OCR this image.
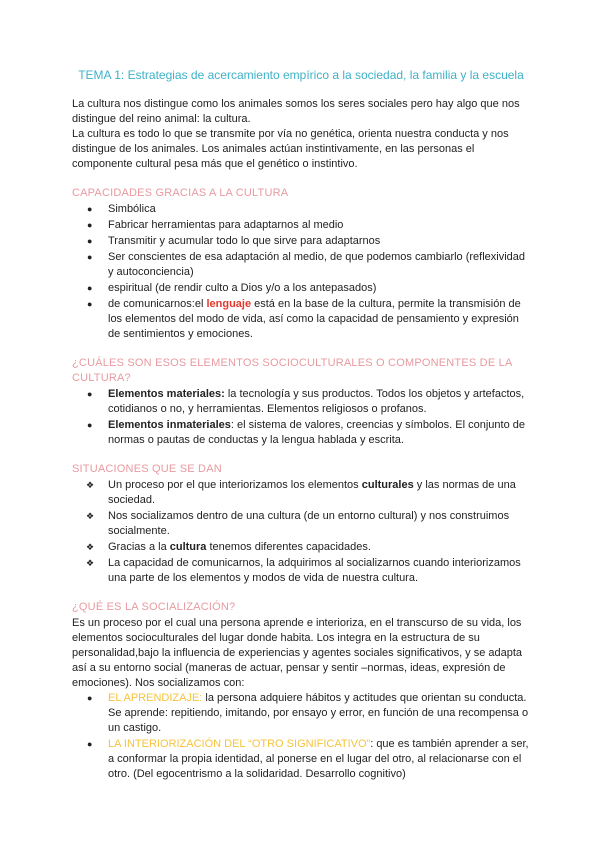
TEMA 1: Estrategias de acercamiento empírico a la sociedad, la familia y la escuela

La cultura nos distingue como los animales somos los seres sociales pero hay algo que nos distingue del reino animal: la cultura.

La cultura es todo lo que se transmite por vía no genética, orienta nuestra conducta y nos distingue de los animales. Los animales actúan instintivamente, en las personas el componente cultural pesa más que el genético o instintivo.

CAPACIDADES GRACIAS A LA CULTURA
● Simbólica
● Fabricar herramientas para adaptarnos al medio
● Transmitir y acumular todo lo que sirve para adaptarnos
● Ser conscientes de esa adaptación al medio, de que podemos cambiarlo (reflexividad y autoconciencia)
● espiritual (de rendir culto a Dios y/o a los antepasados)
● de comunicarnos:el lenguaje está en la base de la cultura, permite la transmisión de los elementos del modo de vida, así como la capacidad de pensamiento y expresión de sentimientos y emociones.
¿CUÁLES SON ESOS ELEMENTOS SOCIOCULTURALES O COMPONENTES DE LA CULTURA?
● Elementos materiales: la tecnología y sus productos. Todos los objetos y artefactos, cotidianos o no, y herramientas. Elementos religiosos o profanos.
● Elementos inmateriales: el sistema de valores, creencias y símbolos. El conjunto de normas o pautas de conductas y la lengua hablada y escrita.
SITUACIONES QUE SE DAN
❖ Un proceso por el que interiorizamos los elementos culturales y las normas de una sociedad.
❖ Nos socializamos dentro de una cultura (de un entorno cultural) y nos construimos socialmente.
❖ Gracias a la cultura tenemos diferentes capacidades.
❖ La capacidad de comunicarnos, la adquirimos al socializarnos cuando interiorizamos una parte de los elementos y modos de vida de nuestra cultura.
¿QUÉ ES LA SOCIALIZACIÓN?

Es un proceso por el cual una persona aprende e interioriza, en el transcurso de su vida, los elementos socioculturales del lugar donde habita. Los integra en la estructura de su personalidad,bajo la influencia de experiencias y agentes sociales significativos, y se adapta así a su entorno social (maneras de actuar, pensar y sentir –normas, ideas, expresión de emociones). Nos socializamos con:

● EL APRENDIZAJE: la persona adquiere hábitos y actitudes que orientan su conducta. Se aprende: repitiendo, imitando, por ensayo y error, en función de una recompensa o un castigo.
● LA INTERIORIZACIÓN DEL “OTRO SIGNIFICATIVO”: que es también aprender a ser, a conformar la propia identidad, al ponerse en el lugar del otro, al relacionarse con el otro. (Del egocentrismo a la solidaridad. Desarrollo cognitivo)
